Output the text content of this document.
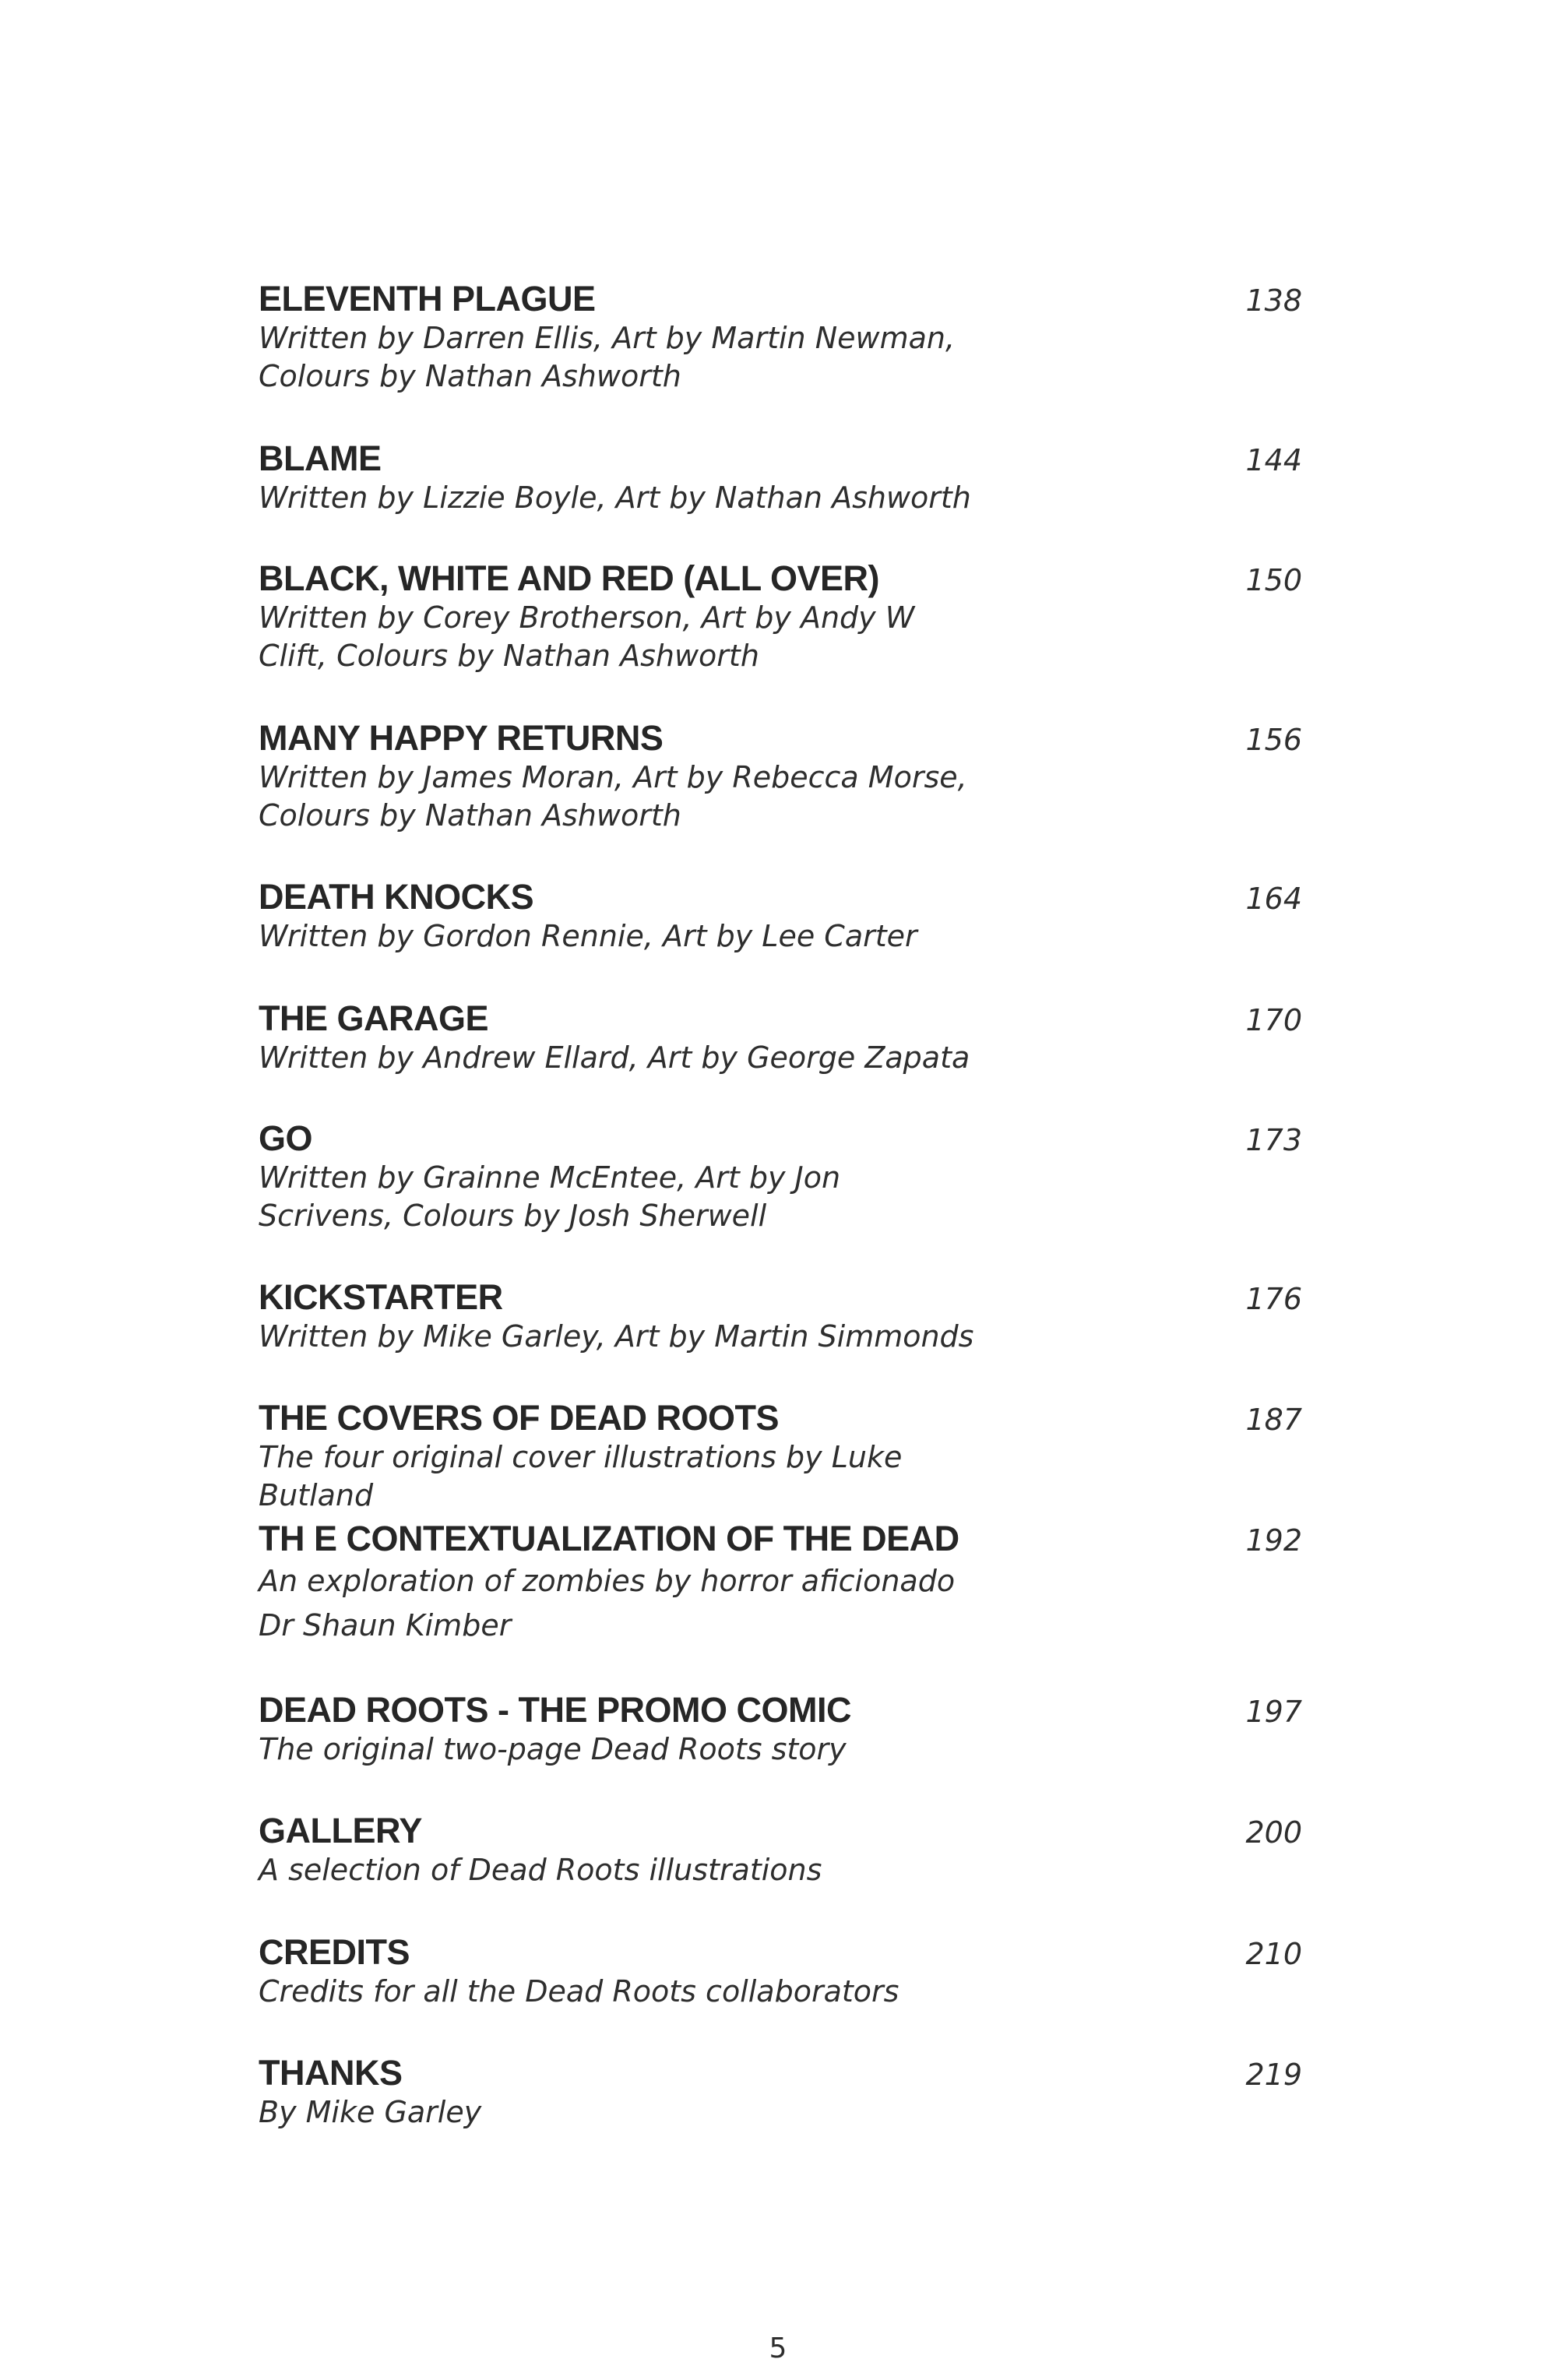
ELEVENTH PLAGUE	138
Written by Darren Ellis, Art by Martin Newman, Colours by Nathan Ashworth
BLAME	144
Written by Lizzie Boyle, Art by Nathan Ashworth
BLACK, WHITE AND RED (ALL OVER)	150
Written by Corey Brotherson, Art by Andy W Clift, Colours by Nathan Ashworth
MANY HAPPY RETURNS	156
Written by James Moran, Art by Rebecca Morse, Colours by Nathan Ashworth
DEATH KNOCKS	164
Written by Gordon Rennie, Art by Lee Carter
THE GARAGE	170
Written by Andrew Ellard, Art by George Zapata
GO	173
Written by Grainne McEntee, Art by Jon Scrivens, Colours by Josh Sherwell
KICKSTARTER	176
Written by Mike Garley, Art by Martin Simmonds
THE COVERS OF DEAD ROOTS	187
The four original cover illustrations by Luke Butland
TH E CONTEXTUALIZATION OF THE DEAD	192
An exploration of zombies by horror aficionado Dr Shaun Kimber
DEAD ROOTS - THE PROMO COMIC	197
The original two-page Dead Roots story
GALLERY	200
A selection of Dead Roots illustrations
CREDITS	210
Credits for all the Dead Roots collaborators
THANKS	219
By Mike Garley
5
